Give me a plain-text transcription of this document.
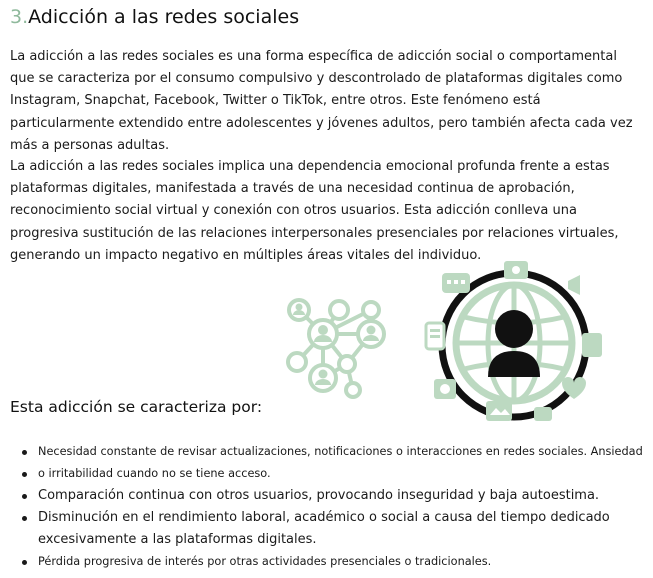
3.Adicción a las redes sociales

La adicción a las redes sociales es una forma específica de adicción social o comportamental que se caracteriza por el consumo compulsivo y descontrolado de plataformas digitales como Instagram, Snapchat, Facebook, Twitter o TikTok, entre otros. Este fenómeno está particularmente extendido entre adolescentes y jóvenes adultos, pero también afecta cada vez más a personas adultas.

La adicción a las redes sociales implica una dependencia emocional profunda frente a estas plataformas digitales, manifestada a través de una necesidad continua de aprobación, reconocimiento social virtual y conexión con otros usuarios. Esta adicción conlleva una progresiva sustitución de las relaciones interpersonales presenciales por relaciones virtuales, generando un impacto negativo en múltiples áreas vitales del individuo.

Esta adicción se caracteriza por:
Necesidad constante de revisar actualizaciones, notificaciones o interacciones en redes sociales. Ansiedad
o irritabilidad cuando no se tiene acceso.
Comparación continua con otros usuarios, provocando inseguridad y baja autoestima.
Disminución en el rendimiento laboral, académico o social a causa del tiempo dedicado excesivamente a las plataformas digitales.
Pérdida progresiva de interés por otras actividades presenciales o tradicionales.
